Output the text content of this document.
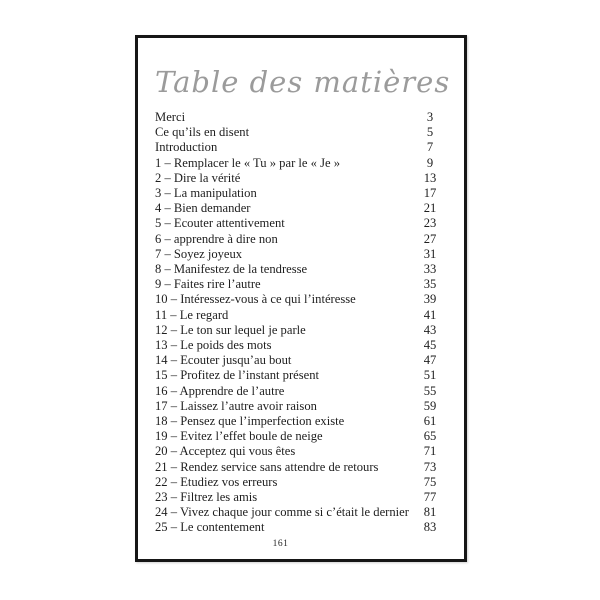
Table des matières
Merci	3
Ce qu’ils en disent	5
Introduction	7
1 – Remplacer le « Tu » par le « Je »	9
2 – Dire la vérité	13
3 – La manipulation	17
4 – Bien demander	21
5 – Ecouter attentivement	23
6 – apprendre à dire non	27
7 – Soyez joyeux	31
8 – Manifestez de la tendresse	33
9 – Faites rire l’autre	35
10 – Intéressez-vous à ce qui l’intéresse	39
11 – Le regard	41
12 – Le ton sur lequel je parle	43
13 – Le poids des mots	45
14 – Ecouter jusqu’au bout	47
15 – Profitez de l’instant présent	51
16 – Apprendre de l’autre	55
17 – Laissez l’autre avoir raison	59
18 – Pensez que l’imperfection existe	61
19 – Evitez l’effet boule de neige	65
20 – Acceptez qui vous êtes	71
21 – Rendez service sans attendre de retours	73
22 – Etudiez vos erreurs	75
23 – Filtrez les amis	77
24 – Vivez chaque jour comme si c’était le dernier	81
25 – Le contentement	83
161
